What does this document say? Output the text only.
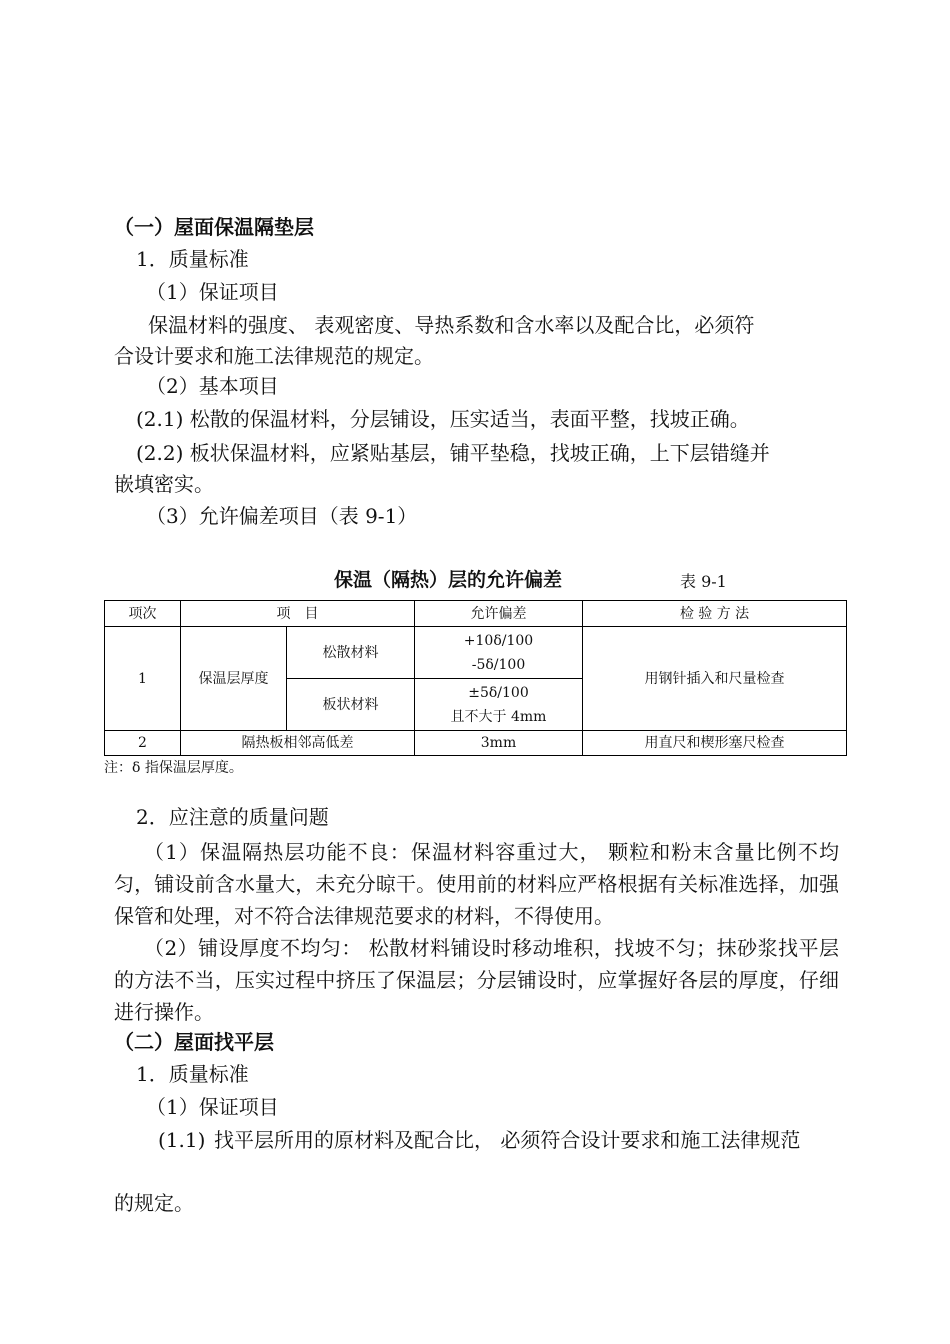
（一）屋面保温隔垫层
1．质量标准
（1）保证项目
保温材料的强度、 表观密度、导热系数和含水率以及配合比，必须符
合设计要求和施工法律规范的规定。
（2）基本项目
(2.1) 松散的保温材料，分层铺设，压实适当，表面平整，找坡正确。
(2.2) 板状保温材料，应紧贴基层，铺平垫稳，找坡正确，上下层错缝并
嵌填密实。
（3）允许偏差项目（表 9-1）
保温（隔热）层的允许偏差	表 9-1
项次	项　目		允许偏差	检 验 方 法
1	保温层厚度	松散材料	+10δ/100
-5δ/100	用钢针插入和尺量检查
		板状材料	±5δ/100
且不大于 4mm	

2	隔热板相邻高低差		3mm	用直尺和楔形塞尺检查
注：δ 指保温层厚度。
2．应注意的质量问题
（1）保温隔热层功能不良：保温材料容重过大， 颗粒和粉末含量比例不均匀，铺设前含水量大，未充分晾干。使用前的材料应严格根据有关标准选择，加强保管和处理，对不符合法律规范要求的材料，不得使用。
（2）铺设厚度不均匀： 松散材料铺设时移动堆积，找坡不匀；抹砂浆找平层的方法不当，压实过程中挤压了保温层；分层铺设时，应掌握好各层的厚度，仔细进行操作。
（二）屋面找平层
1．质量标准
（1）保证项目
(1.1) 找平层所用的原材料及配合比， 必须符合设计要求和施工法律规范
的规定。
